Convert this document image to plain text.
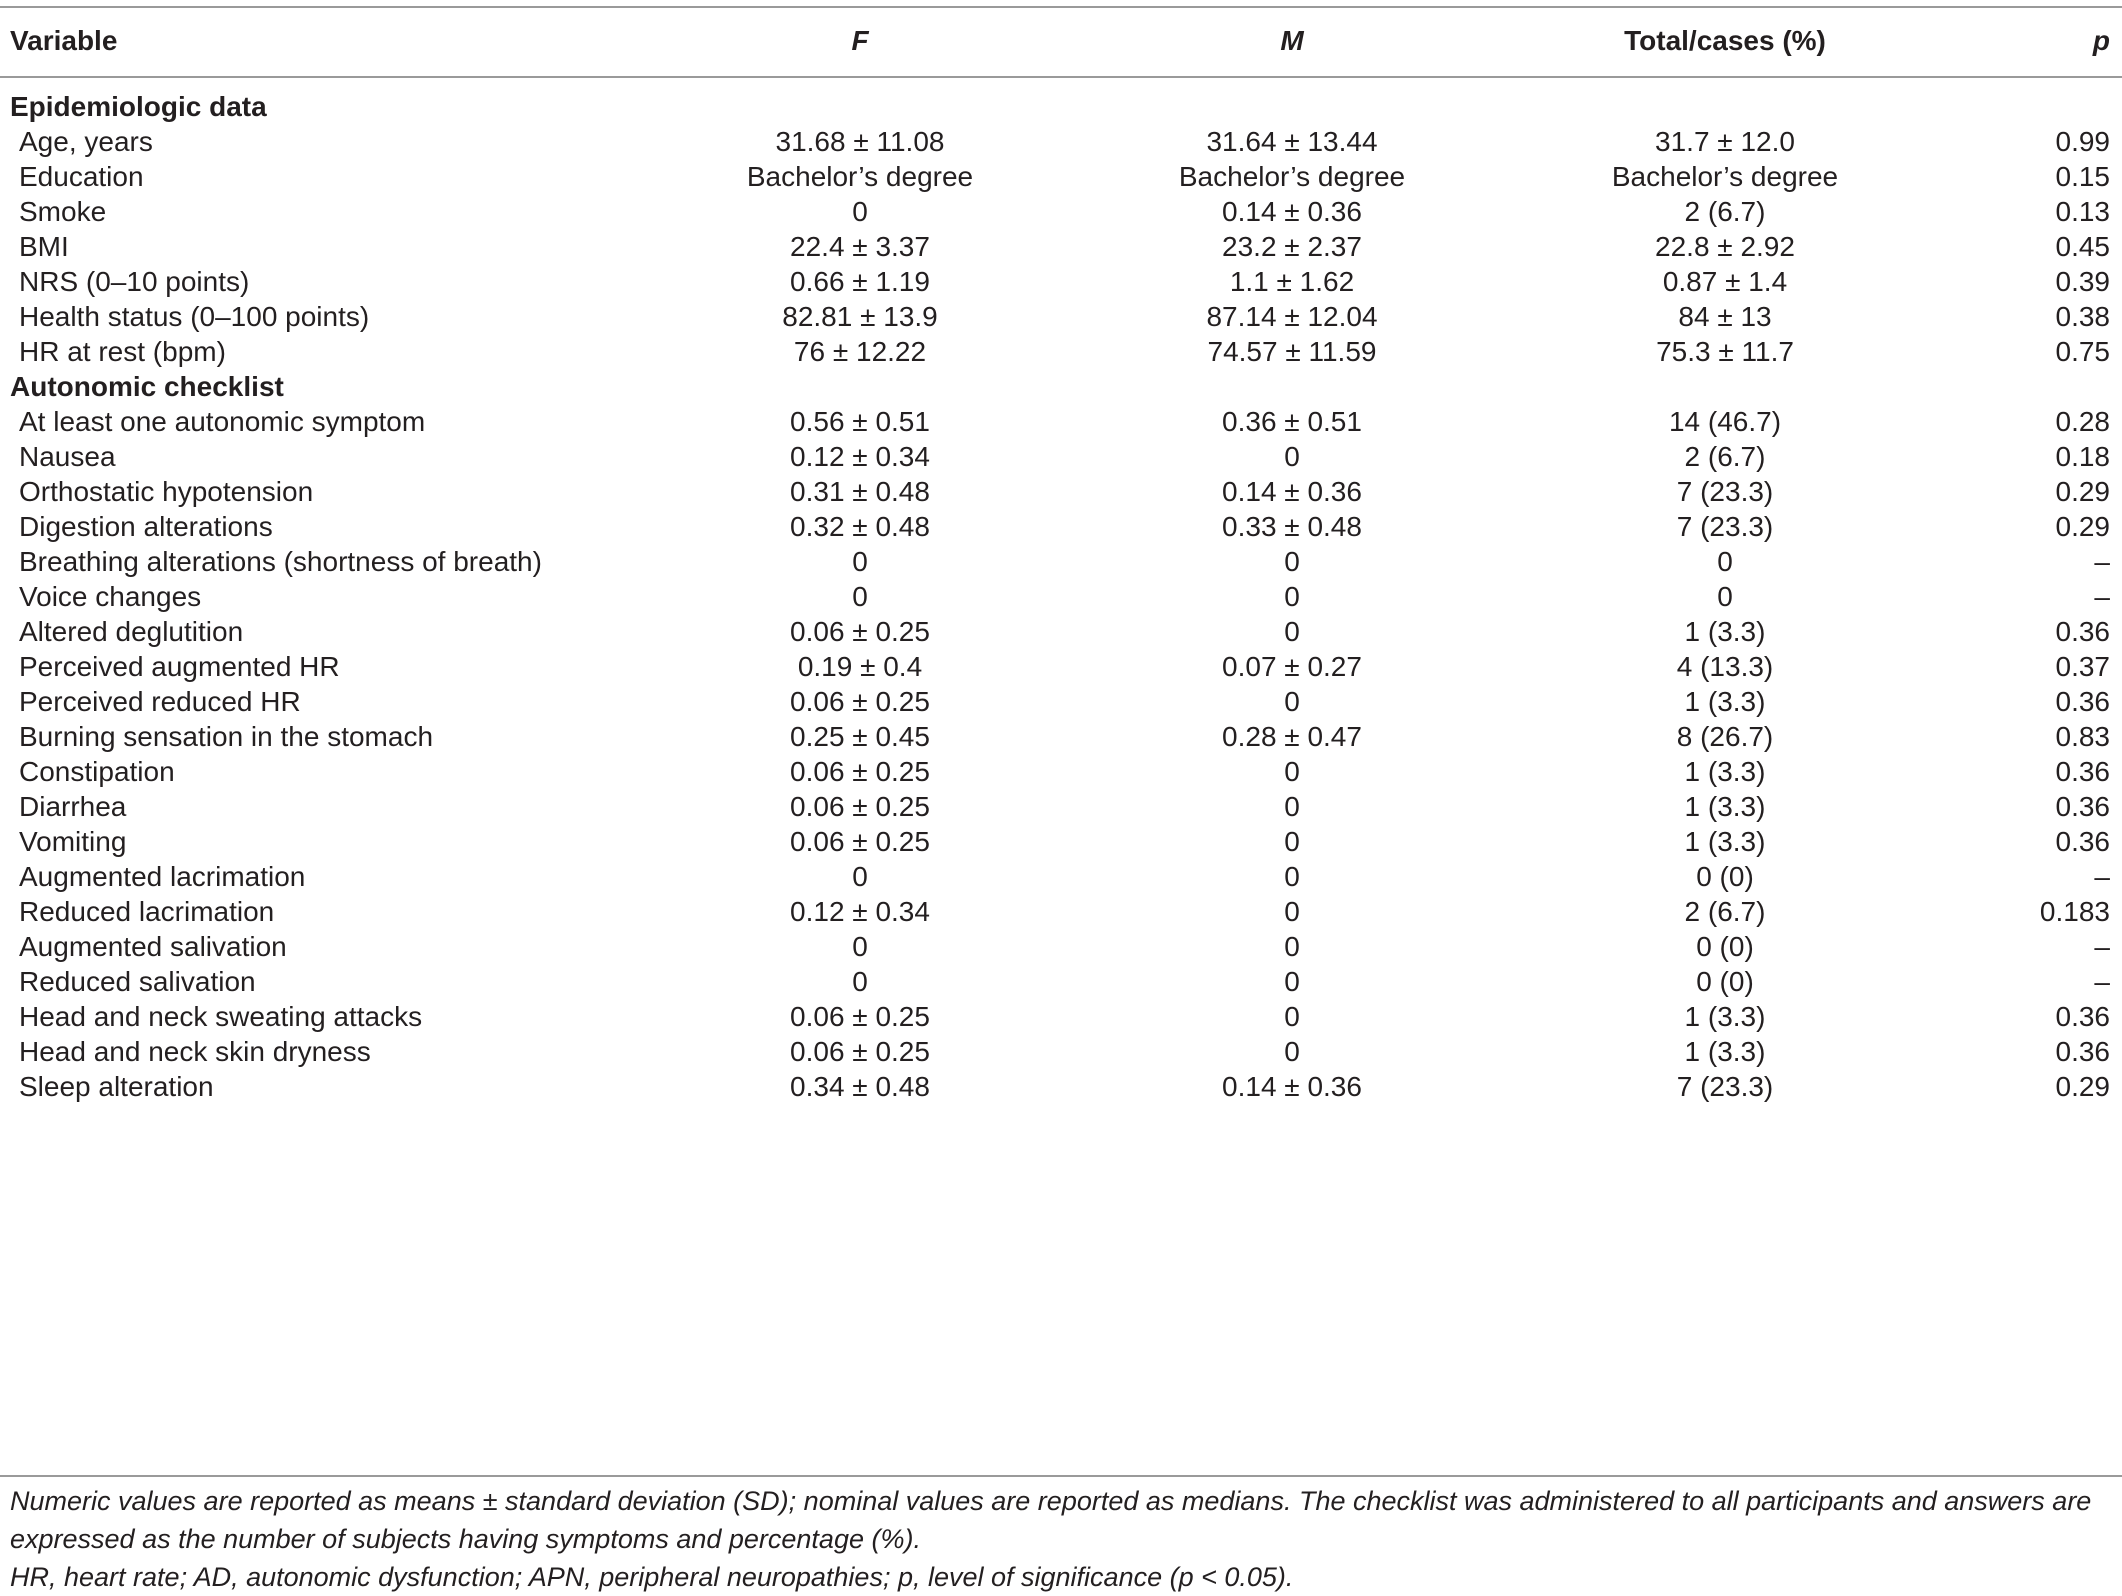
Variable	F	M	Total/cases (%)	p
Epidemiologic data
Age, years	31.68 ± 11.08	31.64 ± 13.44	31.7 ± 12.0	0.99
Education	Bachelor’s degree	Bachelor’s degree	Bachelor’s degree	0.15
Smoke	0	0.14 ± 0.36	2 (6.7)	0.13
BMI	22.4 ± 3.37	23.2 ± 2.37	22.8 ± 2.92	0.45
NRS (0–10 points)	0.66 ± 1.19	1.1 ± 1.62	0.87 ± 1.4	0.39
Health status (0–100 points)	82.81 ± 13.9	87.14 ± 12.04	84 ± 13	0.38
HR at rest (bpm)	76 ± 12.22	74.57 ± 11.59	75.3 ± 11.7	0.75
Autonomic checklist
At least one autonomic symptom	0.56 ± 0.51	0.36 ± 0.51	14 (46.7)	0.28
Nausea	0.12 ± 0.34	0	2 (6.7)	0.18
Orthostatic hypotension	0.31 ± 0.48	0.14 ± 0.36	7 (23.3)	0.29
Digestion alterations	0.32 ± 0.48	0.33 ± 0.48	7 (23.3)	0.29
Breathing alterations (shortness of breath)	0	0	0	–
Voice changes	0	0	0	–
Altered deglutition	0.06 ± 0.25	0	1 (3.3)	0.36
Perceived augmented HR	0.19 ± 0.4	0.07 ± 0.27	4 (13.3)	0.37
Perceived reduced HR	0.06 ± 0.25	0	1 (3.3)	0.36
Burning sensation in the stomach	0.25 ± 0.45	0.28 ± 0.47	8 (26.7)	0.83
Constipation	0.06 ± 0.25	0	1 (3.3)	0.36
Diarrhea	0.06 ± 0.25	0	1 (3.3)	0.36
Vomiting	0.06 ± 0.25	0	1 (3.3)	0.36
Augmented lacrimation	0	0	0 (0)	–
Reduced lacrimation	0.12 ± 0.34	0	2 (6.7)	0.183
Augmented salivation	0	0	0 (0)	–
Reduced salivation	0	0	0 (0)	–
Head and neck sweating attacks	0.06 ± 0.25	0	1 (3.3)	0.36
Head and neck skin dryness	0.06 ± 0.25	0	1 (3.3)	0.36
Sleep alteration	0.34 ± 0.48	0.14 ± 0.36	7 (23.3)	0.29
Numeric values are reported as means ± standard deviation (SD); nominal values are reported as medians. The checklist was administered to all participants and answers are expressed as the number of subjects having symptoms and percentage (%).
HR, heart rate; AD, autonomic dysfunction; APN, peripheral neuropathies; p, level of significance (p < 0.05).
